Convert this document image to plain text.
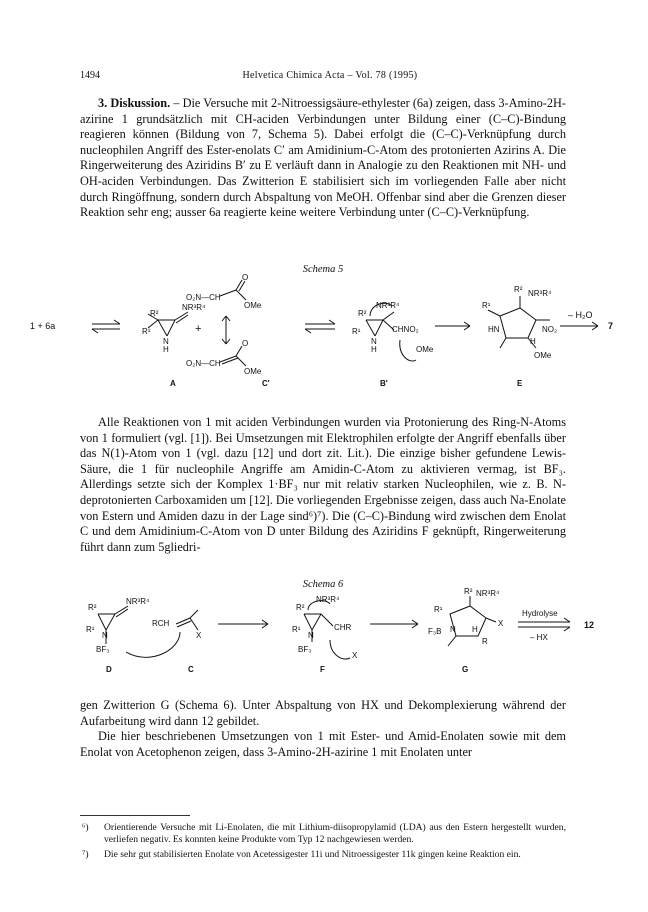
1494	Helvetica Chimica Acta – Vol. 78 (1995)

3. Diskussion. – Die Versuche mit 2-Nitroessigsäure-ethylester (6a) zeigen, dass 3-Amino-2H-azirine 1 grundsätzlich mit CH-aciden Verbindungen unter Bildung einer (C–C)-Bindung reagieren können (Bildung von 7, Schema 5). Dabei erfolgt die (C–C)-Verknüpfung durch nucleophilen Angriff des Ester-enolats C′ am Amidinium-C-Atom des protonierten Azirins A. Die Ringerweiterung des Aziridins B′ zu E verläuft dann in Analogie zu den Reaktionen mit NH- und OH-aciden Verbindungen. Das Zwitterion E stabilisiert sich im vorliegenden Falle aber nicht durch Ringöffnung, sondern durch Abspaltung von MeOH. Offenbar sind aber die Grenzen dieser Reaktion sehr eng; ausser 6a reagierte keine weitere Verbindung unter (C–C)-Verknüpfung.

Schema 5
1 + 6a
R²
NR³R⁴
R¹
N
H
+
O₂N—CH
O
OMe
O₂N—CH
O
OMe
R²
NR³R⁴
R¹
N
H
CHNO₂
OMe
R² NR³R⁴
R¹
HN	NO₂
H
OMe
– H₂O
7
A	C′	B′	E

Alle Reaktionen von 1 mit aciden Verbindungen wurden via Protonierung des Ring-N-Atoms von 1 formuliert (vgl. [1]). Bei Umsetzungen mit Elektrophilen erfolgte der Angriff ebenfalls über das N(1)-Atom von 1 (vgl. dazu [12] und dort zit. Lit.). Die einzige bisher gefundene Lewis-Säure, die 1 für nucleophile Angriffe am Amidin-C-Atom zu aktivieren vermag, ist BF₃. Allerdings setzte sich der Komplex 1·BF₃ nur mit relativ starken Nucleophilen, wie z. B. N-deprotonierten Carboxamiden um [12]. Die vorliegenden Ergebnisse zeigen, dass auch Na-Enolate von Estern und Amiden dazu in der Lage sind⁶)⁷). Die (C–C)-Bindung wird zwischen dem Enolat C und dem Amidinium-C-Atom von D unter Bildung des Aziridins F geknüpft, Ringerweiterung führt dann zum 5gliedri-

Schema 6
R²
NR³R⁴
R¹
N
BF₃
RCH
X
R²
NR³R⁴
R¹
N
CHR
BF₃
X
R² NR³R⁴
R¹
F₃B N
X
R
H
Hydrolyse
– HX
12
D	C	F	G

gen Zwitterion G (Schema 6). Unter Abspaltung von HX und Dekomplexierung während der Aufarbeitung wird dann 12 gebildet.

Die hier beschriebenen Umsetzungen von 1 mit Ester- und Amid-Enolaten sowie mit dem Enolat von Acetophenon zeigen, dass 3-Amino-2H-azirine 1 mit Enolaten unter

⁶) Orientierende Versuche mit Li-Enolaten, die mit Lithium-diisopropylamid (LDA) aus den Estern hergestellt wurden, verliefen negativ. Es konnten keine Produkte vom Typ 12 nachgewiesen werden.
⁷) Die sehr gut stabilisierten Enolate von Acetessigester 11i und Nitroessigester 11k gingen keine Reaktion ein.
